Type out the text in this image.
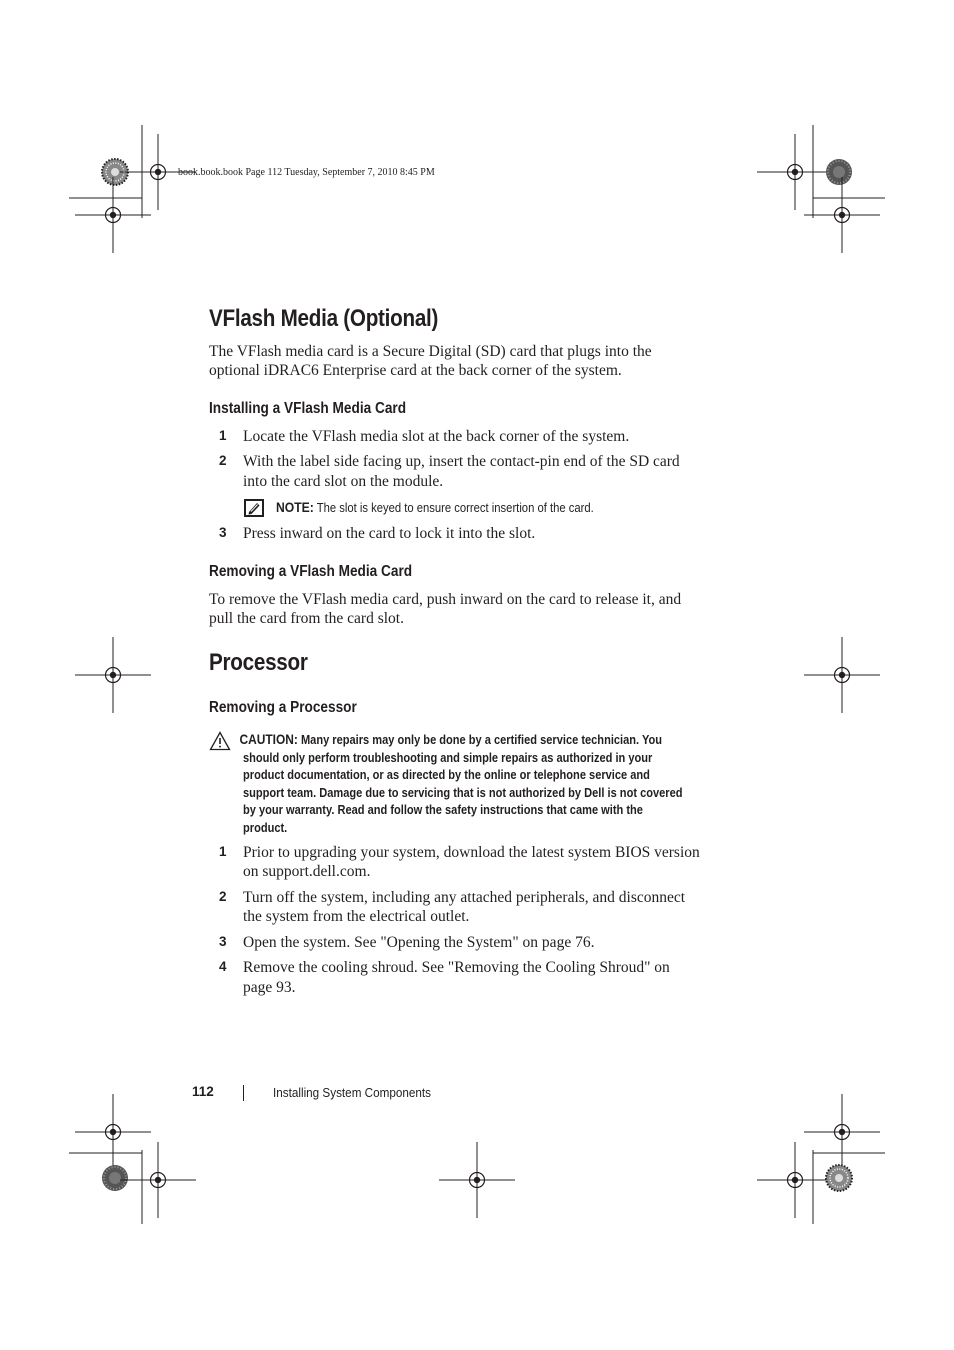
book.book.book Page 112 Tuesday, September 7, 2010 8:45 PM
VFlash Media (Optional)
The VFlash media card is a Secure Digital (SD) card that plugs into the
optional iDRAC6 Enterprise card at the back corner of the system.
Installing a VFlash Media Card
1	Locate the VFlash media slot at the back corner of the system.
2	With the label side facing up, insert the contact-pin end of the SD card
into the card slot on the module.
NOTE: The slot is keyed to ensure correct insertion of the card.
3	Press inward on the card to lock it into the slot.
Removing a VFlash Media Card
To remove the VFlash media card, push inward on the card to release it, and
pull the card from the card slot.
Processor
Removing a Processor
CAUTION: Many repairs may only be done by a certified service technician. You
should only perform troubleshooting and simple repairs as authorized in your
product documentation, or as directed by the online or telephone service and
support team. Damage due to servicing that is not authorized by Dell is not covered
by your warranty. Read and follow the safety instructions that came with the
product.
1	Prior to upgrading your system, download the latest system BIOS version
on support.dell.com.
2	Turn off the system, including any attached peripherals, and disconnect
the system from the electrical outlet.
3	Open the system. See "Opening the System" on page 76.
4	Remove the cooling shroud. See "Removing the Cooling Shroud" on
page 93.
112	Installing System Components
